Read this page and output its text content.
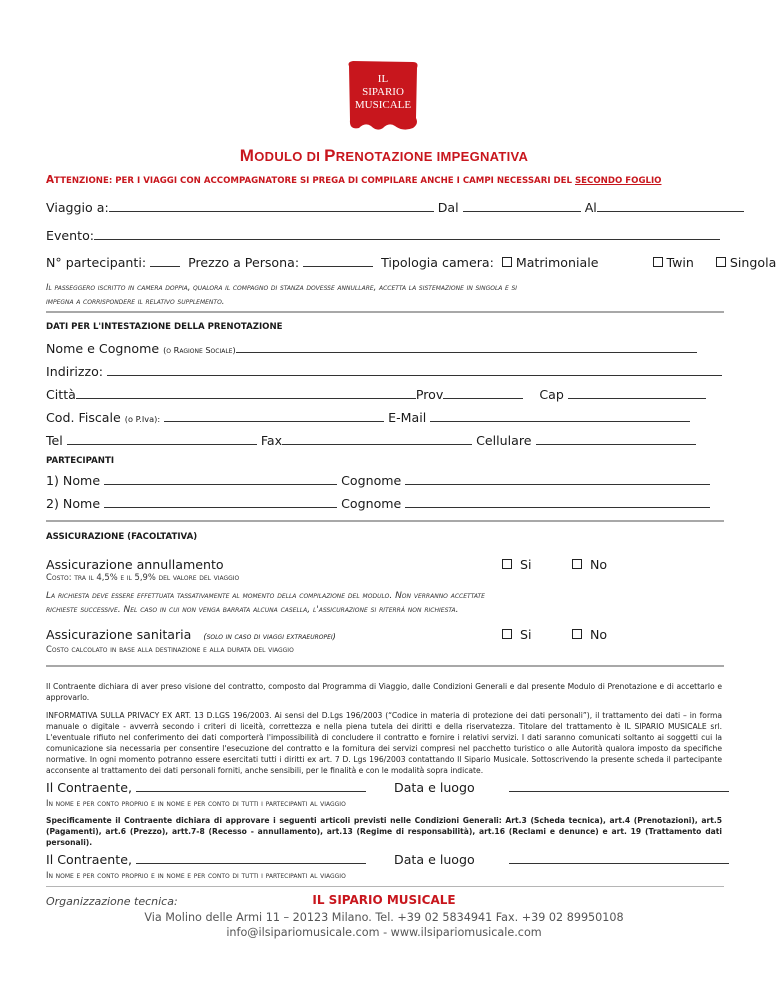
IL
SIPARIO
MUSICALE
MODULO DI PRENOTAZIONE IMPEGNATIVA
ATTENZIONE: PER I VIAGGI CON ACCOMPAGNATORE SI PREGA DI COMPILARE ANCHE I CAMPI NECESSARI DEL SECONDO FOGLIO
Viaggio a:	Dal	Al
Evento:
N° partecipanti:	Prezzo a Persona:	Tipologia camera: Matrimoniale	Twin	Singola
Il passeggero iscritto in camera doppia, qualora il compagno di stanza dovesse annullare, accetta la sistemazione in singola e si
impegna a corrispondere il relativo supplemento.
DATI PER L'INTESTAZIONE DELLA PRENOTAZIONE
Nome e Cognome (o Ragione Sociale)
Indirizzo:
Città	Prov	Cap
Cod. Fiscale (o P.Iva):	E-Mail
Tel	Fax	Cellulare
PARTECIPANTI
1) Nome	Cognome
2) Nome	Cognome
ASSICURAZIONE (FACOLTATIVA)
Assicurazione annullamento	Si	No
Costo: tra il 4,5% e il 5,9% del valore del viaggio
La richiesta deve essere effettuata tassativamente al momento della compilazione del modulo. Non verranno accettate
richieste successive. Nel caso in cui non venga barrata alcuna casella, l'assicurazione si riterrà non richiesta.
Assicurazione sanitaria (solo in caso di viaggi extraeuropei)	Si	No
Costo calcolato in base alla destinazione e alla durata del viaggio
Il Contraente dichiara di aver preso visione del contratto, composto dal Programma di Viaggio, dalle Condizioni Generali e dal presente Modulo di Prenotazione e di accettarlo e approvarlo.
INFORMATIVA SULLA PRIVACY EX ART. 13 D.LGS 196/2003. Ai sensi del D.Lgs 196/2003 (“Codice in materia di protezione dei dati personali”), il trattamento dei dati – in forma manuale o digitale - avverrà secondo i criteri di liceità, correttezza e nella piena tutela dei diritti e della riservatezza. Titolare del trattamento è IL SIPARIO MUSICALE srl. L'eventuale rifiuto nel conferimento dei dati comporterà l'impossibilità di concludere il contratto e fornire i relativi servizi. I dati saranno comunicati soltanto ai soggetti cui la comunicazione sia necessaria per consentire l'esecuzione del contratto e la fornitura dei servizi compresi nel pacchetto turistico o alle Autorità qualora imposto da specifiche normative. In ogni momento potranno essere esercitati tutti i diritti ex art. 7 D. Lgs 196/2003 contattando Il Sipario Musicale. Sottoscrivendo la presente scheda il partecipante acconsente al trattamento dei dati personali forniti, anche sensibili, per le finalità e con le modalità sopra indicate.
Il Contraente,	Data e luogo
In nome e per conto proprio e in nome e per conto di tutti i partecipanti al viaggio
Specificamente il Contraente dichiara di approvare i seguenti articoli previsti nelle Condizioni Generali: Art.3 (Scheda tecnica), art.4 (Prenotazioni), art.5 (Pagamenti), art.6 (Prezzo), artt.7-8 (Recesso - annullamento), art.13 (Regime di responsabilità), art.16 (Reclami e denunce) e art. 19 (Trattamento dati personali).
Il Contraente,	Data e luogo
In nome e per conto proprio e in nome e per conto di tutti i partecipanti al viaggio
Organizzazione tecnica:	IL SIPARIO MUSICALE
Via Molino delle Armi 11 – 20123 Milano. Tel. +39 02 5834941 Fax. +39 02 89950108
info@ilsipariomusicale.com - www.ilsipariomusicale.com
